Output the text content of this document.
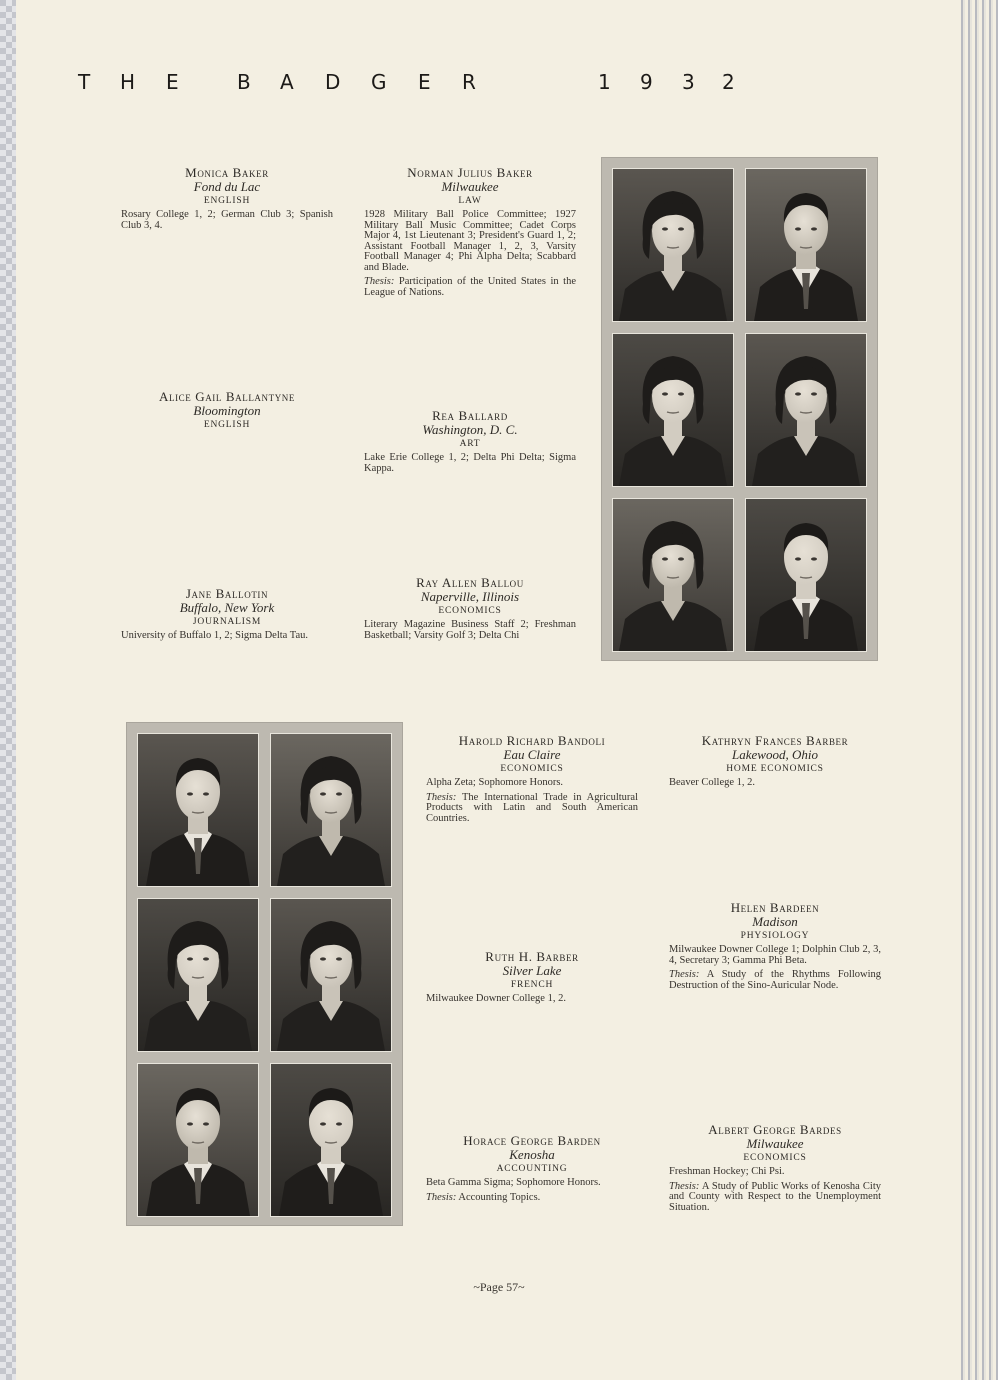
T H E	B A D G E R	1 9 3 2
Monica Baker
Fond du Lac
ENGLISH
Rosary College 1, 2; German Club 3; Spanish Club 3, 4.
Norman Julius Baker
Milwaukee
LAW
1928 Military Ball Police Committee; 1927 Military Ball Music Committee; Cadet Corps Major 4, 1st Lieutenant 3; President's Guard 1, 2; Assistant Football Manager 1, 2, 3, Varsity Football Manager 4; Phi Alpha Delta; Scabbard and Blade.
Thesis: Participation of the United States in the League of Nations.
Alice Gail Ballantyne
Bloomington
ENGLISH
Rea Ballard
Washington, D. C.
ART
Lake Erie College 1, 2; Delta Phi Delta; Sigma Kappa.
Jane Ballotin
Buffalo, New York
JOURNALISM
University of Buffalo 1, 2; Sigma Delta Tau.
Ray Allen Ballou
Naperville, Illinois
ECONOMICS
Literary Magazine Business Staff 2; Freshman Basketball; Varsity Golf 3; Delta Chi
Harold Richard Bandoli
Eau Claire
ECONOMICS
Alpha Zeta; Sophomore Honors.
Thesis: The International Trade in Agricultural Products with Latin and South American Countries.
Kathryn Frances Barber
Lakewood, Ohio
HOME ECONOMICS
Beaver College 1, 2.
Helen Bardeen
Madison
PHYSIOLOGY
Milwaukee Downer College 1; Dolphin Club 2, 3, 4, Secretary 3; Gamma Phi Beta.
Thesis: A Study of the Rhythms Following Destruction of the Sino-Auricular Node.
Ruth H. Barber
Silver Lake
FRENCH
Milwaukee Downer College 1, 2.
Horace George Barden
Kenosha
ACCOUNTING
Beta Gamma Sigma; Sophomore Honors.
Thesis: Accounting Topics.
Albert George Bardes
Milwaukee
ECONOMICS
Freshman Hockey; Chi Psi.
Thesis: A Study of Public Works of Kenosha City and County with Respect to the Unemployment Situation.
~Page 57~
